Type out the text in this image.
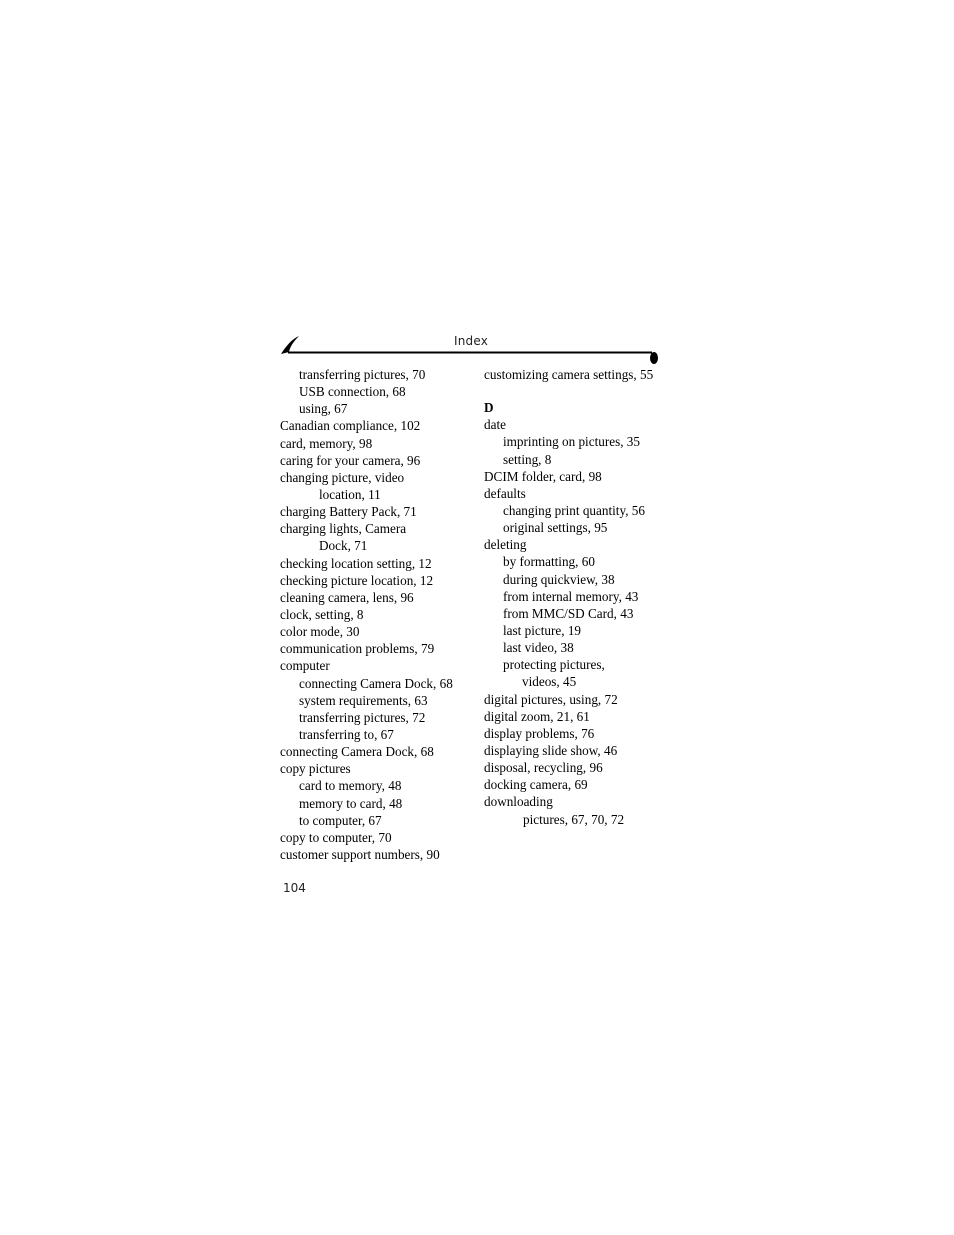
Index
transferring pictures, 70
USB connection, 68
using, 67
Canadian compliance, 102
card, memory, 98
caring for your camera, 96
changing picture, video
location, 11
charging Battery Pack, 71
charging lights, Camera
Dock, 71
checking location setting, 12
checking picture location, 12
cleaning camera, lens, 96
clock, setting, 8
color mode, 30
communication problems, 79
computer
connecting Camera Dock, 68
system requirements, 63
transferring pictures, 72
transferring to, 67
connecting Camera Dock, 68
copy pictures
card to memory, 48
memory to card, 48
to computer, 67
copy to computer, 70
customer support numbers, 90
customizing camera settings, 55
D
date
imprinting on pictures, 35
setting, 8
DCIM folder, card, 98
defaults
changing print quantity, 56
original settings, 95
deleting
by formatting, 60
during quickview, 38
from internal memory, 43
from MMC/SD Card, 43
last picture, 19
last video, 38
protecting pictures,
videos, 45
digital pictures, using, 72
digital zoom, 21, 61
display problems, 76
displaying slide show, 46
disposal, recycling, 96
docking camera, 69
downloading
pictures, 67, 70, 72
104
